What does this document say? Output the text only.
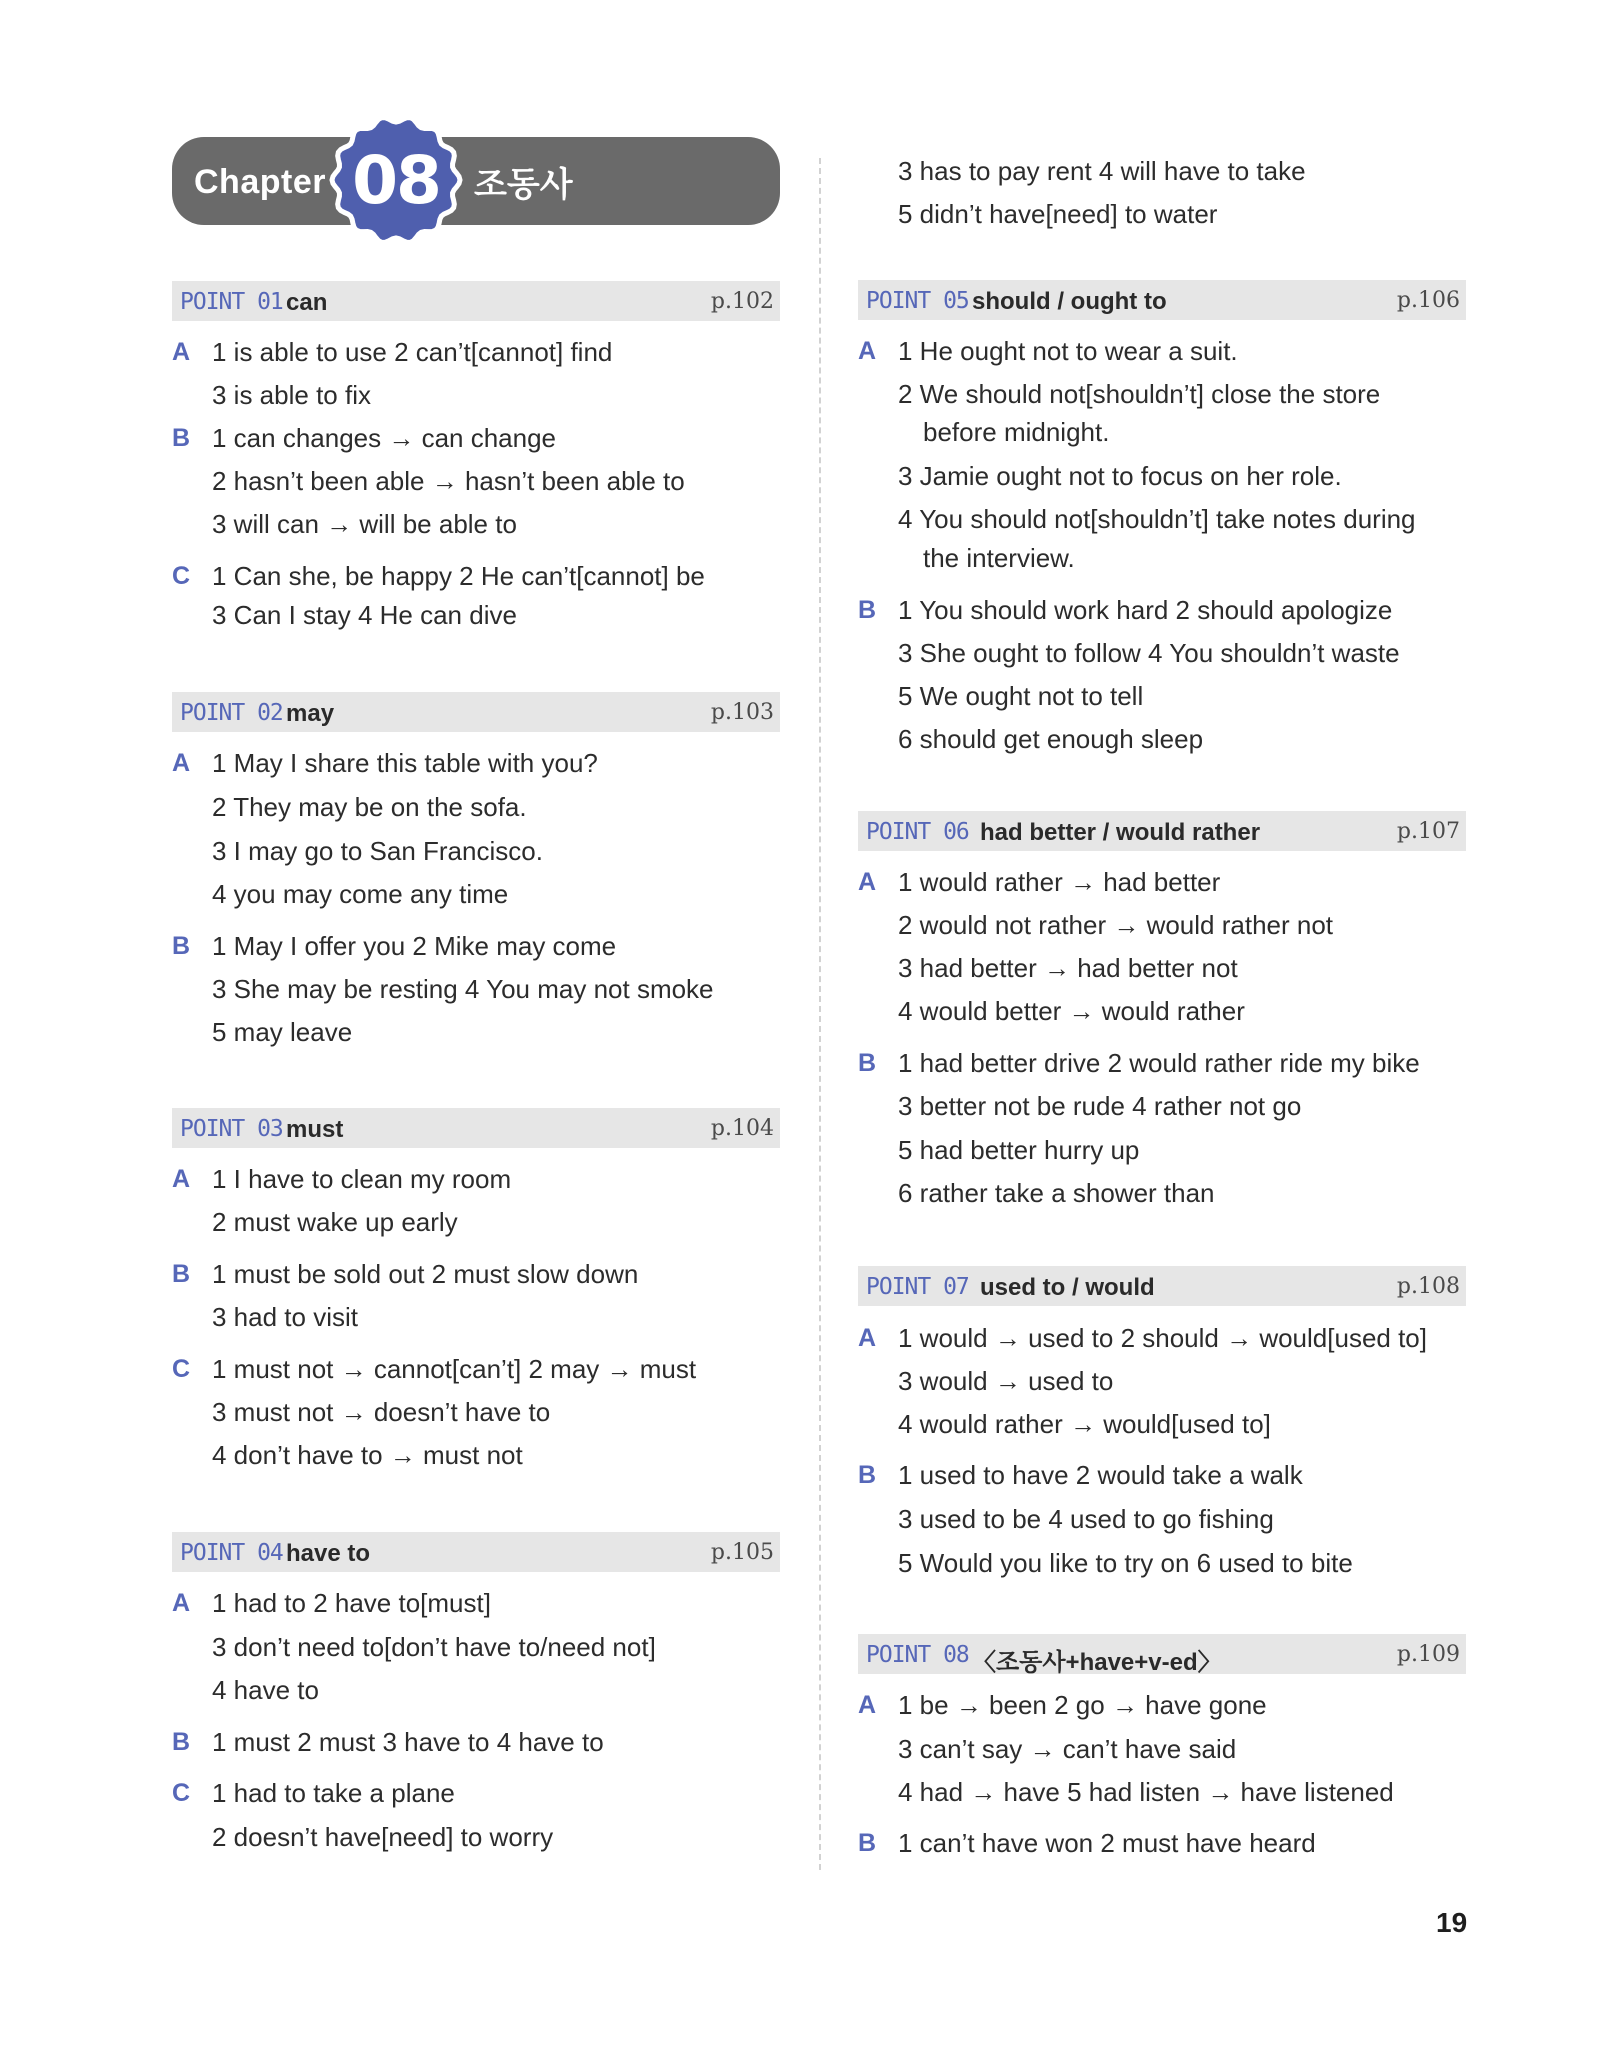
Chapter 08	조동사
POINT 01 can	p.102
A 1 is able to use 2 can’t[cannot] find
3 is able to fix
B 1 can changes → can change
2 hasn’t been able → hasn’t been able to
3 will can → will be able to
C 1 Can she, be happy 2 He can’t[cannot] be
3 Can I stay 4 He can dive
POINT 02 may	p.103
A 1 May I share this table with you?
2 They may be on the sofa.
3 I may go to San Francisco.
4 you may come any time
B 1 May I offer you 2 Mike may come
3 She may be resting 4 You may not smoke
5 may leave
POINT 03 must	p.104
A 1 I have to clean my room
2 must wake up early
B 1 must be sold out 2 must slow down
3 had to visit
C 1 must not → cannot[can’t] 2 may → must
3 must not → doesn’t have to
4 don’t have to → must not
POINT 04 have to	p.105
A 1 had to 2 have to[must]
3 don’t need to[don’t have to/need not]
4 have to
B 1 must 2 must 3 have to 4 have to
C 1 had to take a plane
2 doesn’t have[need] to worry
3 has to pay rent 4 will have to take
5 didn’t have[need] to water
POINT 05 should / ought to	p.106
A 1 He ought not to wear a suit.
2 We should not[shouldn’t] close the store
before midnight.
3 Jamie ought not to focus on her role.
4 You should not[shouldn’t] take notes during
the interview.
B 1 You should work hard 2 should apologize
3 She ought to follow 4 You shouldn’t waste
5 We ought not to tell
6 should get enough sleep
POINT 06 had better / would rather	p.107
A 1 would rather → had better
2 would not rather → would rather not
3 had better → had better not
4 would better → would rather
B 1 had better drive 2 would rather ride my bike
3 better not be rude 4 rather not go
5 had better hurry up
6 rather take a shower than
POINT 07 used to / would	p.108
A 1 would → used to 2 should → would[used to]
3 would → used to
4 would rather → would[used to]
B 1 used to have 2 would take a walk
3 used to be 4 used to go fishing
5 Would you like to try on 6 used to bite
POINT 08 〈조동사+have+v-ed〉	p.109
A 1 be → been 2 go → have gone
3 can’t say → can’t have said
4 had → have 5 had listen → have listened
B 1 can’t have won 2 must have heard
19
